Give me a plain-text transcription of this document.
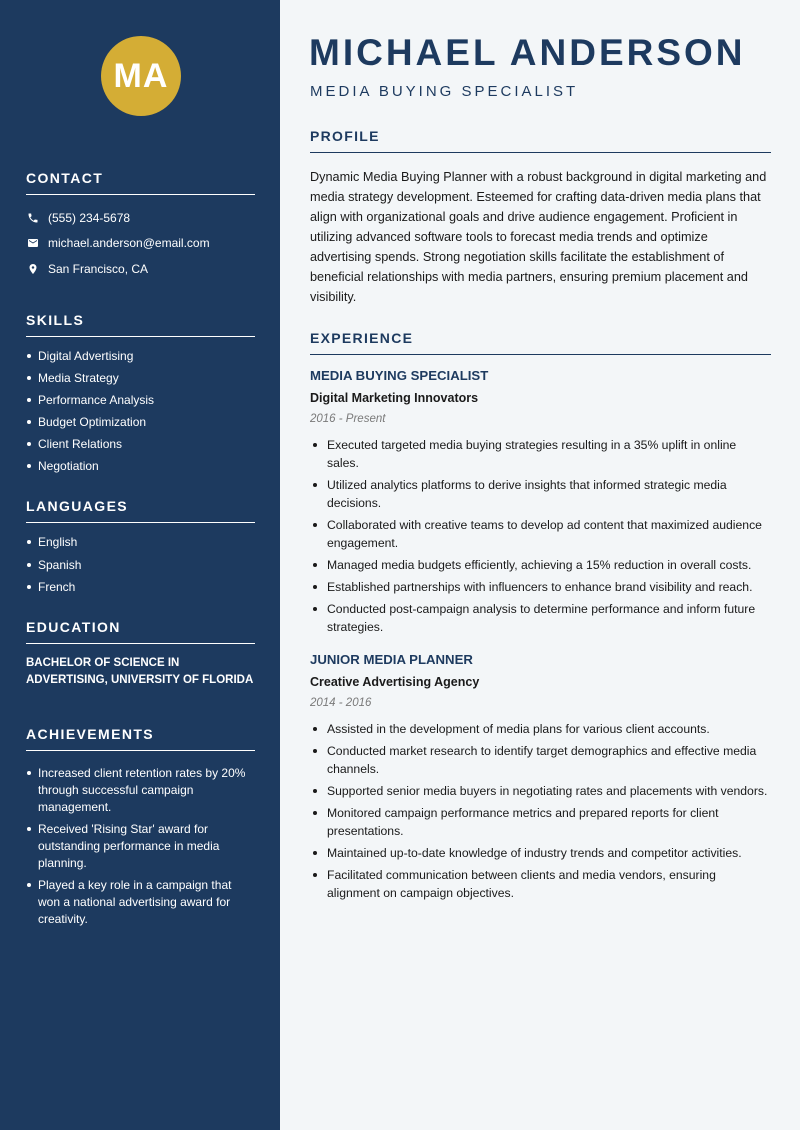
MA
CONTACT
(555) 234-5678
michael.anderson@email.com
San Francisco, CA
SKILLS
Digital Advertising
Media Strategy
Performance Analysis
Budget Optimization
Client Relations
Negotiation
LANGUAGES
English
Spanish
French
EDUCATION

BACHELOR OF SCIENCE IN ADVERTISING, UNIVERSITY OF FLORIDA

ACHIEVEMENTS
Increased client retention rates by 20% through successful campaign management.
Received 'Rising Star' award for outstanding performance in media planning.
Played a key role in a campaign that won a national advertising award for creativity.
MICHAEL ANDERSON
MEDIA BUYING SPECIALIST
PROFILE

Dynamic Media Buying Planner with a robust background in digital marketing and media strategy development. Esteemed for crafting data-driven media plans that align with organizational goals and drive audience engagement. Proficient in utilizing advanced software tools to forecast media trends and optimize advertising spends. Strong negotiation skills facilitate the establishment of beneficial relationships with media partners, ensuring premium placement and visibility.

EXPERIENCE
MEDIA BUYING SPECIALIST
Digital Marketing Innovators
2016 - Present
Executed targeted media buying strategies resulting in a 35% uplift in online sales.
Utilized analytics platforms to derive insights that informed strategic media decisions.
Collaborated with creative teams to develop ad content that maximized audience engagement.
Managed media budgets efficiently, achieving a 15% reduction in overall costs.
Established partnerships with influencers to enhance brand visibility and reach.
Conducted post-campaign analysis to determine performance and inform future strategies.
JUNIOR MEDIA PLANNER
Creative Advertising Agency
2014 - 2016
Assisted in the development of media plans for various client accounts.
Conducted market research to identify target demographics and effective media channels.
Supported senior media buyers in negotiating rates and placements with vendors.
Monitored campaign performance metrics and prepared reports for client presentations.
Maintained up-to-date knowledge of industry trends and competitor activities.
Facilitated communication between clients and media vendors, ensuring alignment on campaign objectives.
